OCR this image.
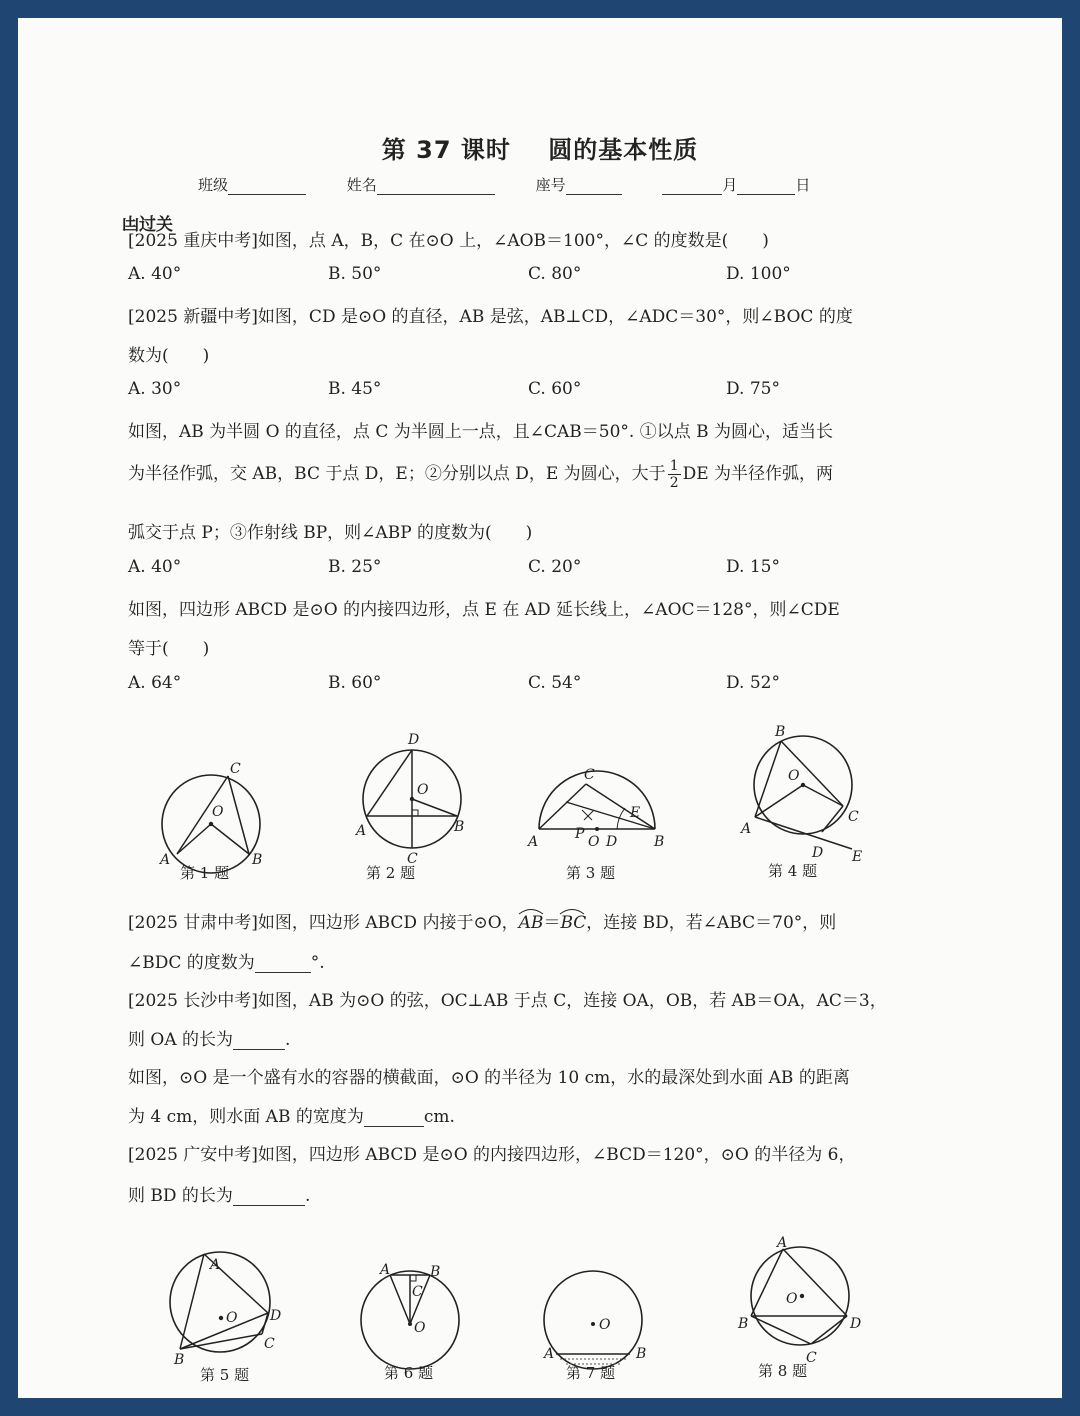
第 37 课时 圆的基本性质
班级	姓名	座号	月	日
凷过关
[2025 重庆中考]如图，点 A，B，C 在⊙O 上，∠AOB＝100°，∠C 的度数是(　　)
A. 40°	B. 50°	C. 80°	D. 100°
[2025 新疆中考]如图，CD 是⊙O 的直径，AB 是弦，AB⊥CD，∠ADC＝30°，则∠BOC 的度
数为(　　)
A. 30°	B. 45°	C. 60°	D. 75°
如图，AB 为半圆 O 的直径，点 C 为半圆上一点，且∠CAB＝50°. ①以点 B 为圆心，适当长
为半径作弧，交 AB，BC 于点 D，E；②分别以点 D，E 为圆心，大于 $\frac{1}{2}$ DE 为半径作弧，两
弧交于点 P；③作射线 BP，则∠ABP 的度数为(　　)
A. 40°	B. 25°	C. 20°	D. 15°
如图，四边形 ABCD 是⊙O 的内接四边形，点 E 在 AD 延长线上，∠AOC＝128°，则∠CDE
等于(　　)
A. 64°	B. 60°	C. 54°	D. 52°
A	B
C
O
D
O
A	B
C
C
E
P
A	O D	B
B
O
C
A
D E
第 1 题	第 2 题	第 3 题	第 4 题
[2025 甘肃中考]如图，四边形 ABCD 内接于⊙O，
AB＝
BC，连接 BD，若∠ABC＝70°，则
∠BDC 的度数为	°.
[2025 长沙中考]如图，AB 为⊙O 的弦，OC⊥AB 于点 C，连接 OA，OB，若 AB＝OA，AC＝3，
则 OA 的长为	.
如图，⊙O 是一个盛有水的容器的横截面，⊙O 的半径为 10 cm，水的最深处到水面 AB 的距离
为 4 cm，则水面 AB 的宽度为	cm.
[2025 广安中考]如图，四边形 ABCD 是⊙O 的内接四边形，∠BCD＝120°，⊙O 的半径为 6，
则 BD 的长为	.
A
O D
C
B
A	B
C
O	O
A	B
A
O
B	D
C
第 5 题	第 6 题	第 7 题	第 8 题
